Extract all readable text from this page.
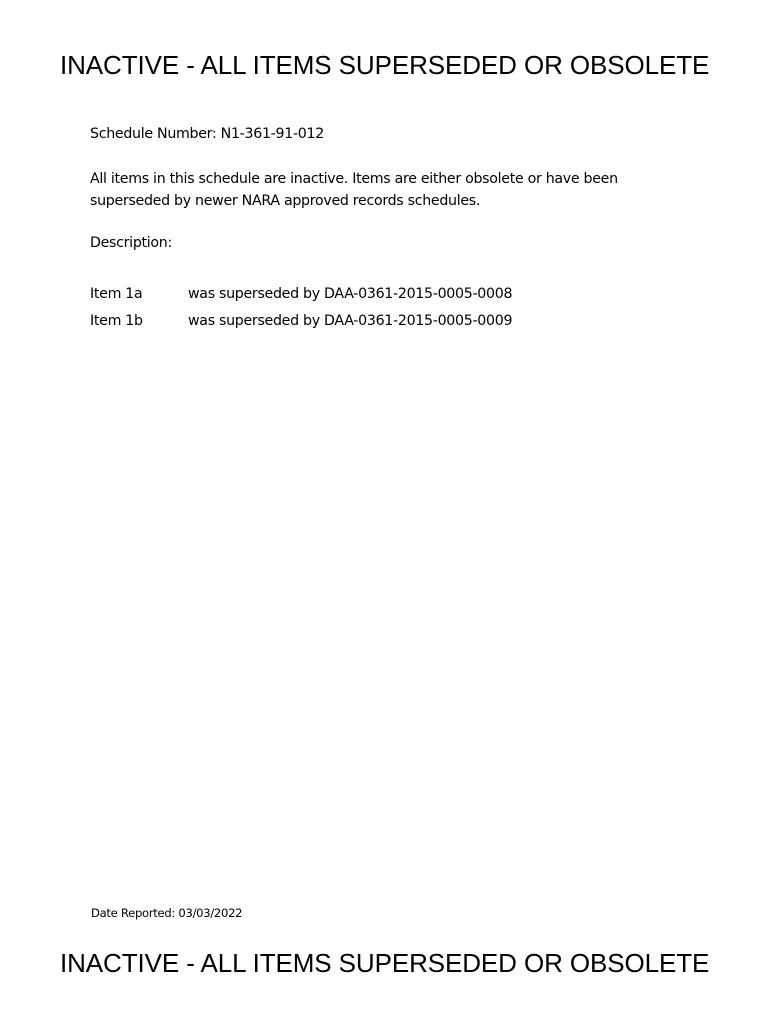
INACTIVE - ALL ITEMS SUPERSEDED OR OBSOLETE
Schedule Number: N1-361-91-012
All items in this schedule are inactive. Items are either obsolete or have been
superseded by newer NARA approved records schedules.
Description:
Item 1a	was superseded by DAA-0361-2015-0005-0008
Item 1b	was superseded by DAA-0361-2015-0005-0009
Date Reported: 03/03/2022
INACTIVE - ALL ITEMS SUPERSEDED OR OBSOLETE
